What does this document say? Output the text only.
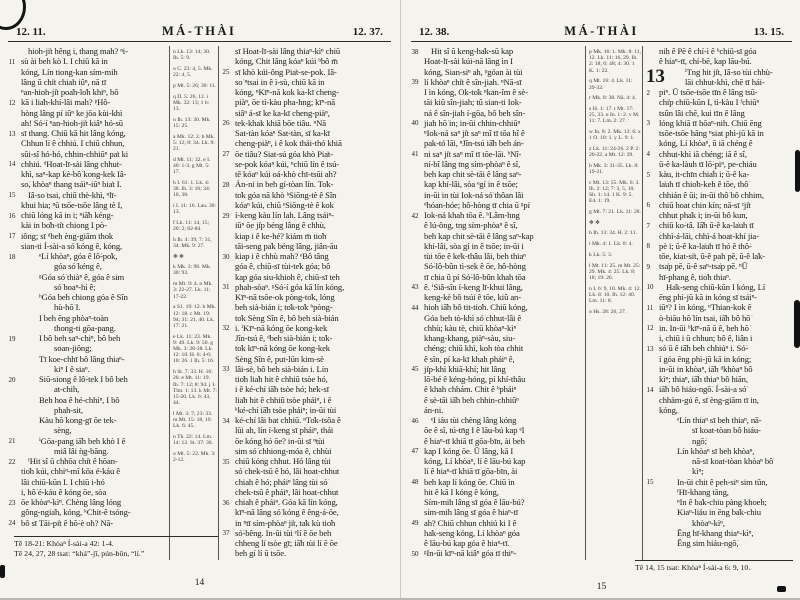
12. 11.	MÁ-THÀI	12. 37.
hioh-ji̍t hêng i, thang mah? ⁿi-
11 sù ài beh kò I. I chiū kā in
kóng, Lín tiong-kan sím-mih
lâng ū chi̍t chiah iûⁿ, nā tī
ⁿan-hioh-ji̍t poa̍h-lo̍h khiⁿ, bô
12 kā i lia̍h-khí-lâi mah? ᵖHô-
hòng lâng pí iûⁿ ke jōa kùi-khì
ah! Só͘-í ⁿan-hioh-ji̍t kiâⁿ hó-sū
13 sī thang. Chiū kā hit lâng kóng,
Chhun lí ê chhiú. I chiū chhun,
sûi-sî hó-hó, chhin-chhiūⁿ pa̍t ki
14 chhiú. ᵈHoat-lī-sài lâng chhut-
khì, saⁿ-kap kè-bô͘ kong-kek Iâ-
so͘, khòaⁿ thang tsáiⁿ-iūⁿ bia̍t I.
15 Iâ-so͘ tsai, chiū thè-khì, ⁿlī-
khui hia; ⁿū tsōe-tsōe lâng tè I,
16 chiū lóng kā in i; ⁿiā̍h kéng-
kài in bo̍h-ti̍t chiong I pò-
17 iông; sī ᵈbeh èng-giām thok
sian-ti Í-sài-a só͘ kóng ê, kóng,
18	ᵉLí khòaⁿ, góa ê lô͘-po̍k,
góa só͘ kéng ê,
ᵍGóa só͘ thiàⁿ ê, góa ê sim
só͘ hoaⁿ-hí ê;
ʰGóa beh chiong góa ê Sîn
hù-hō͘ I.
I beh ēng phòaⁿ-toàn
thong-ti gōa-pang.
19	I bô beh saⁿ-chiⁿ, bô beh
soan-jiông;
Tī koe-chhī bô lâng thiaⁿ-
kiⁿ I ê siaⁿ.
20	Siū-siong ê lô͘-tek I bô beh
at-chih,
Beh hoa ê hé-chhíⁿ, I bô
phah-sit,
Kàu hō͘ kong-gī ōe tek-
sèng,
21	ⁱGōa-pang iā̍h beh khò I ê
miâ lâi ǹg-bāng.
22 ᶠHit sî ū chhōa chi̍t ê hōan-
tio̍h kúi, chhiⁿ-mî kōa é-káu ê
lâi chiū-kūn I. I chiū i-hó
i, hō͘ é-káu ê kóng ōe, sòa
23 ōe khòaⁿ-kìⁿ. Chèng lâng lóng
gông-ngia̍h, kóng, ᵏChit-ê tsóng-
24 bô sī Tāi-pi̍t ê hō͘-è o͘h? Nā-
n Lk. 13: 14; 30. Ih. 5: 9.
o C. 23: 4, 5. Mk. 22: 4, 5.
p Mt. 5: 26; 30: 11.
q D. 5: 26, 12. i Mk. 32: 13; 1 b: 13.
u Ih. 13: 30. Mk. 15: 25.
a Mk. 12: 2. b Mk. 5: 12; 8: 34. Lk. 9: 21.
d Mt. 11: 32. e I. 40: 1-3. g Mt. 5: 17.
h I. 61: 1. Lk. 4: 38. Ih. 3: 16; 34: 10, 38.
i I. 11: 16. Lau. 30: 13.
f Lk. 11: 14, 15; 20: 2; 82-84.
h Ih. 4: 39; 7: 31, 34. Mk. 9: 27.
✻ ✻
k Mk. 3: 98. Mk. 30: 93.
m Mt. 9: 4. n Mk. 3: 22-27. Lk. 11: 17-22.
a S1. 19: 12. b Mk. 12: 18. c Mt. 19: 94; 31: 21, 40. Lk. 17: 21.
e Lk. 11: 23. Mk. 9: 40. Lk. 9: 50. g Mk. 3: 28-38. Lk. 12: 10. H. 6: 4-6; 10: 26. 1 Ih. 5: 16.
h St. 7: 33. H. 16: 20. e Mt. 11: 19. Ih. 7: 12; 8: 94. j 1 Tim. 1: 13. k Mt. 7: 15-20. Lk. 6: 43, 44.
l Mt. 3: 7; 23: 33. m Mt. 15: 18, 19. Lk. 6: 45.
n Th. 22: 14. Lm. 14: 12. St. 37: 36.
o Mt. 5: 22. Mk. 3: 2-12.
sī Hoat-lī-sài lâng thiaⁿ-kìⁿ chiū
kóng, Chit lâng kóaⁿ kúi ᵇbô m̄
25 sī khò kúi-ông Pia̍t-se-pok. Iâ-
so͘ ⁿtsai in ê ì-sù, chiū kā in
kóng, ⁿKīⁿ-nā kok ka-kī cheng-
piàⁿ, ōe tì-kàu pha-hng; kīⁿ-nā
siâⁿ á-sī ke ka-kī cheng-piàⁿ,
26 tek-khak khiā bōe tiâu. ⁿNā
Sat-tàn kóaⁿ Sat-tàn, sī ka-kī
cheng-piàⁿ, i ê kok thái-thó khiā
27 ōe tiâu? Siat-sú góa khò Pia̍t-
se-pok kóaⁿ kúi, ⁿchiū lín ê tsú-
tē kóaⁿ kúi oá-khò chī-tsūi ah?
28 Án-ni in beh gí-tòan lín. To̍k-
to̍k góa nā khò ᵇSiōng-tè ê Sîn
kóaⁿ kúi, chiū ᵉSiōng-tè ê kok
29 í-keng kàu lín lah. Lâng tsáiⁿ-
iūⁿ ōe ji̍p béng lâng ê chhù,
kiap i ê ke-hé? kiám m̄ tio̍h
tāi-seng pa̍k béng lâng, jiân-āu
30 kiap i ê chhù mah? ᵉBô tâng
góa ê, chiū-sī tùi-te̍k góa; bô
kap góa siu-khioh ê, chiū-sī teh
31 phah-sòaⁿ. ᵍSó͘-í góa kā lín kóng,
Kīⁿ-nā tsōe-ok pòng-to̍k, lóng
beh sià-bián i; to̍k-to̍k ʰpòng-
to̍k Sèng Sîn ê, bô beh sià-bián
32 i. ⁱKīⁿ-nā kóng ōe kong-kek
Jîn-tsú ê, ᵈbeh sià-bián i; to̍k-
to̍k kīⁿ-nā kóng ōe kong-kek
Sèng Sîn ê, put-lūn kim-sè
33 lâi-sè, bô beh sià-bián i. Lín
tio̍h lia̍h hit ê chhiū tsòe hó,
i ê ké-chí iā̍h tsòe hó; he̍k-sī
lia̍h hit ê chhiū tsòe pháiⁿ, i ê
ᵏké-chí iā̍h tsòe pháiⁿ; in-ūi tùi
34 ké-chí lâi bat chhiū. ⁿTo̍k-tsôa ê
lūi ah, lín í-keng sī pháiⁿ, thái
ōe kóng hó ōe? in-ūi sī ⁿtùi
sim só͘ chhiong-móa ê, chhùi
35 chiū kóng chhut. Hó lâng tùi
só͘ chek-tsū ê hó, lâi hoat-chhut
chiah ê hó; pháiⁿ lâng tùi só͘
chek-tsū ê pháiⁿ, lâi hoat-chhut
36 chiah ê pháiⁿ. Góa kā lín kóng,
kīⁿ-nā lâng só͘ kóng ê êng-á-ōe,
in ⁿtī sím-phòaⁿ ji̍t, ta̍k kù tio̍h
37 só͘-bêng. In-ūi tùi ᵉlí ê ōe beh
chheng lí tsòe gī; iā̍h tùi lí ē ōe
beh gí lí ū tsōe.
Tē 18-21: Khòaⁿ Í-sài-a 42: 1-4.
Tē 24, 27, 28 tsat: “khá”-jī, pún-bûn, “lí.”
14
12. 38.	MÁ-THÀI	13. 15.
38 Hit sî ū keng-ha̍k-sū kap
Hoat-lī-sài kúi-nā lâng ìn I
kóng, Sian-siⁿ ah, ᵖgóan ài tùi
39 lí khòaⁿ chi̍t ê sîn-jiah. ⁿNā-sī
I ìn kóng, Ok-to̍k ⁿkan-îm ê sè-
tāi kiû sîn-jiah; tû sian-ti Iok-
ná ê sîn-jiah í-gōa, bô beh sîn-
40 jiah hō͘ in; in-ūi chhin-chhiūⁿ
ⁿIok-ná saⁿ ji̍t saⁿ mî tī tōa hî ê
pak-tó͘ lāi, ⁿJîn-tsú iā̍h beh án-
41 ni saⁿ ji̍t saⁿ mî tī tōe-lāi. ᵇNî-
ní-bî lâng tng sím-phòaⁿ ê sî,
beh kap chit sè-tāi ê lâng saⁿ-
kap khí-lâi, sòa ᵉgí in ê tsōe;
in-ūi in tùi Iok-ná só͘ thôan lâi
ᵈhóan-hóe; hô-hòng tī chia ū ᵍpí
42 Iok-ná khah tōa ê. ʰLâm-hng
ê lú-ông, tng sím-phòaⁿ ê sî,
beh kap chit sè-tāi ê lâng saⁿ-kap
khí-lâi, sòa gí in ê tsōe; in-ūi i
tùi tōe ê ke̍k-thâu lâi, beh thiaⁿ
Só͘-lô-bûn tì-sek ê ōe, hô-hòng
tī chia ū pí Só͘-lô-bûn khah tōa
43 ê. ⁱSiâ-sîn í-keng lī-khui lâng,
keng-kè bô tsúi ê tōe, kiû an-
44 hioh iā̍h bô tit-tio̍h. Chiū kóng,
Góa beh tò-khì só͘ chhut-lâi ê
chhù; kàu tè, chiū khòaⁿ-kìⁿ
khang-khang, piàⁿ-sàu, siu-
chéng; chiū khì, koh tòa chhit
ê sîn, pí ka-kī khah pháiⁿ ê,
45 ji̍p-khì khiā-khí; hit lâng
lō͘-bé ê kéng-hóng, pí khí-thâu
ê khah chhám. Chit ê ᵇpháiⁿ
ê sè-tāi iā̍h beh chhin-chhiūⁿ
án-ni.
46 ᵉI iáu tùi chèng lâng kóng
ōe ê sî, tú-tn̄g I ê lāu-bú kap ᵉI
ê hiaⁿ-tī khiā tī gōa-bīn, ài beh
47 kap I kóng ōe. Ū lâng, kā I
kóng, Lí khòaⁿ, lí ê lāu-bú kap
lí ê hiaⁿ-tī khiā tī gōa-bīn, ài
48 beh kap lí kóng ōe. Chiū ìn
hit ê kā I kóng ê kóng,
Sím-mih lâng sī góa ê lāu-bú?
sím-mih lâng sī góa ê hiaⁿ-tī
49 ah? Chiū chhun chhiú ki I ê
ha̍k-seng kóng, Lí khòaⁿ góa
ê lāu-bú kap góa ê hiaⁿ-tī.
50 ᵍIn-ūi kīⁿ-nā kiâⁿ góa tī thiⁿ-
p Mk. 16: 1. Mk. 8: 11, 12. Lk. 11: 16, 29. Ih. 2: 18; 6: 48; 4: 30. 1 K. 1: 22.
q Mt. 16: 4. Lk. 11: 29-32.
r Mk. 8: 38. Ná. 4: 4.
s Iô. 1: 17. t Mt. 17: 25, 33. u In. 1: 2. v M. 11: 7. Lm. 2: 27.
w In. 8: 2. Mk. 12: 6. x 1 O. 10: 1. y L. 9: 1.
z Lk. 11: 24-26. 2 P. 2: 20-22. a Mt. 12: 39.
b Mk. 3: 31-35. Lk. 8: 19-21.
c Mt. 13: 55. Mk. 6: 3. Ih. 2: 12; 7: 3, 5, 10. Sh. 1: 14. 1 K. 9: 5. E4. 1: 19.
g Mt. 7: 21. Lk. 11: 28.
✻ ✻
h Ih. 13: 34. H. 2: 11.
i Mk. 4: 1. Lk. 8: 4.
k Lk. 5: 3.
l Mt. 11: 25. m Mt. 25: 29. Mk. 4: 25. Lk. 8: 18; 19: 26.
n I. 6: 9, 10. Mk. 4: 12. Lk. 8: 10. Ih. 12: 40. Lm. 11: 8.
o Hs. 28: 26, 27.
nih ê Pē ê chí-ì ê ʰchiū-sī góa
ê hiaⁿ-tī, chí-bē, kap lāu-bú.
13 ⁱTng hit ji̍t, Iâ-so͘ tùi chhù-
lāi chhut-khì, chē tī hái-
2 piⁿ. Ū tsōe-tsōe tīn ê lâng tsū-
chi̍p chiū-kūn I, tì-kàu I ᶠchiūⁿ
tsûn lâi chē, kui tīn ê lâng
3 lóng khiā tī hōaⁿ-nih. Chiū ēng
tsōe-tsōe hāng ⁿsiat phì-jū kā in
kóng, Lí khòaⁿ, ū iā chéng ê
4 chhut-khì iā chéng; iā ê sî,
ū-ê ka-làuh tī lō͘-piⁿ, pe-chiáu
5 kàu, it-chīn chia̍h i; ū-ê ka-
la̍uh tī chio̍h-keh ê tōe, thô͘
chhián ê ūi; in-ūi thô͘ bô chhim,
6 chiū hoat chin kín; nā-sī ᶻji̍t
chhut pha̍k i; in-ūi bô kun,
7 chiū ko͘-tâ. Iā̍h ū-ê ka-la̍uh tī
chhì-á-lāi, chhì-á hoat-khí jia-
8 pè i; ū-ê ka-la̍uh tī hó ê thô͘-
tōe, kiat-si̍t, ū-ê pah pē, ū-ê la̍k-
9 tsa̍p pē, ū-ê saⁿ-tsa̍p pē. ⁿŪ
hī-phang ê, tio̍h thiaⁿ.
10 Ha̍k-seng chiū-kūn I kóng, Lí
ēng phì-jū kā in kóng sī tsáiⁿ-
11 iūⁿ? I ìn kóng, ⁿThian-kok ê
ò-biāu hō͘ lín tsai, iā̍h bô hō͘
12 in. In-ūi ᵇkīⁿ-nā ū ê, beh hō͘
i, chiū i ū chhun; bô ê, liân i
13 só͘ ū ê iā̍h beh chhiúⁿ i. Só͘-
í góa ēng phì-jū kā in kóng;
in-ūi in khòaⁿ, iā̍h ᵈkhòaⁿ bô
kìⁿ; thiaⁿ, iā̍h thiaⁿ bô hiān,
14 iā̍h bô hiáu-ngō͘. Í-sài-a só͘
chhàm-gú ê, sī èng-giām tī in,
kóng,
ᵉLín thiaⁿ sī beh thiaⁿ, nā-
sī koat-tòan bô hiáu-
ngō͘;
Lín khòaⁿ sī beh khòaⁿ,
nā-sī koat-tòan khòaⁿ bô
kìⁿ;
15	In-ūi chit ê peh-siⁿ sim tūn,
ᶠHī-khang tāng,
ⁿIn ê ba̍k-chiu pàng khoeh;
Kiaⁿ-liáu in ēng ba̍k-chiu
khòaⁿ-kìⁿ,
Ēng hī-khang thiaⁿ-kìⁿ,
Ēng sim hiáu-ngō͘,
Tē 14, 15 tsat: Khòaⁿ Í-sài-a 6: 9, 10.
15
